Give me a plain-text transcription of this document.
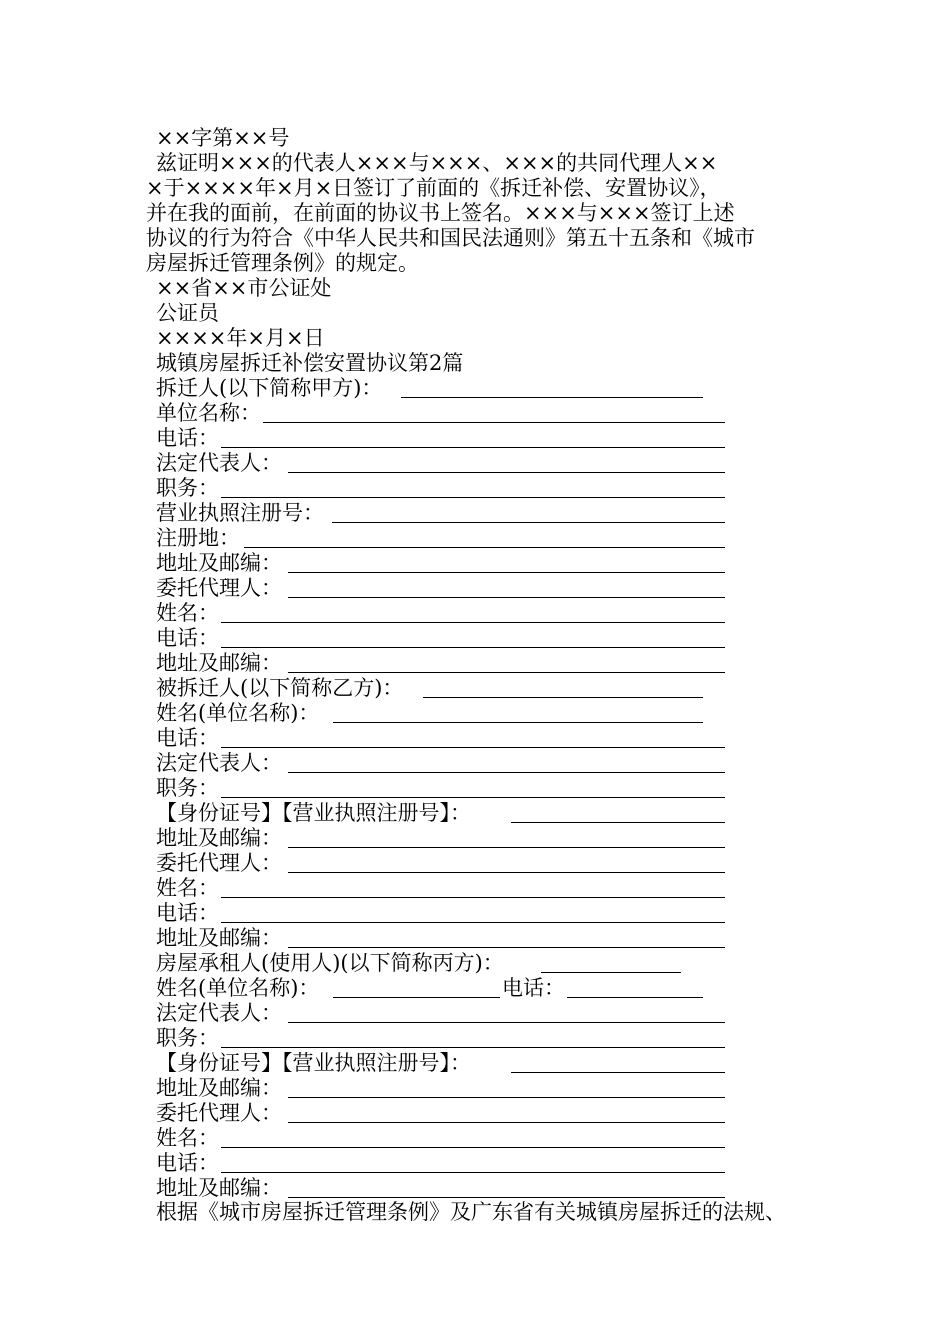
××字第××号
兹证明×××的代表人×××与×××、×××的共同代理人××
×于××××年×月×日签订了前面的《拆迁补偿、安置协议》，
并在我的面前，在前面的协议书上签名。×××与×××签订上述
协议的行为符合《中华人民共和国民法通则》第五十五条和《城市
房屋拆迁管理条例》的规定。
××省××市公证处
公证员
××××年×月×日
城镇房屋拆迁补偿安置协议第2篇
拆迁人(以下简称甲方)：
单位名称：
电话：
法定代表人：
职务：
营业执照注册号：
注册地：
地址及邮编：
委托代理人：
姓名：
电话：
地址及邮编：
被拆迁人(以下简称乙方)：
姓名(单位名称)：
电话：
法定代表人：
职务：
【身份证号】【营业执照注册号】：
地址及邮编：
委托代理人：
姓名：
电话：
地址及邮编：
房屋承租人(使用人)(以下简称丙方)：
姓名(单位名称)：	电话：
法定代表人：
职务：
【身份证号】【营业执照注册号】：
地址及邮编：
委托代理人：
姓名：
电话：
地址及邮编：
根据《城市房屋拆迁管理条例》及广东省有关城镇房屋拆迁的法规、
